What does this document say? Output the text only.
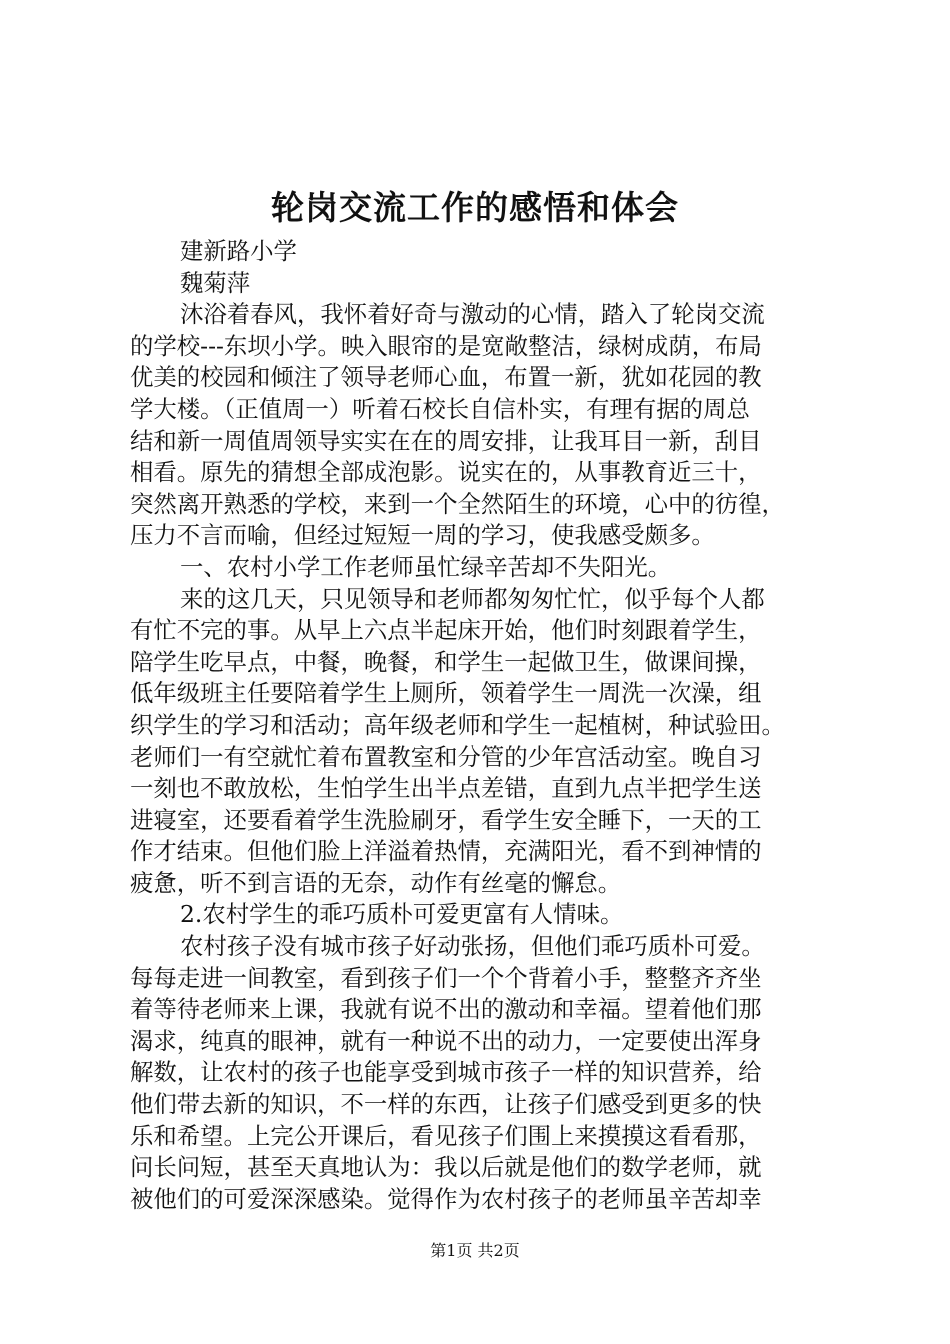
轮岗交流工作的感悟和体会
建新路小学
魏菊萍
沐浴着春风，我怀着好奇与激动的心情，踏入了轮岗交流
的学校---东坝小学。映入眼帘的是宽敞整洁，绿树成荫，布局
优美的校园和倾注了领导老师心血，布置一新，犹如花园的教
学大楼。（正值周一）听着石校长自信朴实，有理有据的周总
结和新一周值周领导实实在在的周安排，让我耳目一新，刮目
相看。原先的猜想全部成泡影。说实在的，从事教育近三十，
突然离开熟悉的学校，来到一个全然陌生的环境，心中的彷徨，
压力不言而喻，但经过短短一周的学习，使我感受颇多。
一、农村小学工作老师虽忙绿辛苦却不失阳光。
来的这几天，只见领导和老师都匆匆忙忙，似乎每个人都
有忙不完的事。从早上六点半起床开始，他们时刻跟着学生，
陪学生吃早点，中餐，晚餐，和学生一起做卫生，做课间操，
低年级班主任要陪着学生上厕所，领着学生一周洗一次澡，组
织学生的学习和活动；高年级老师和学生一起植树，种试验田。
老师们一有空就忙着布置教室和分管的少年宫活动室。晚自习
一刻也不敢放松，生怕学生出半点差错，直到九点半把学生送
进寝室，还要看着学生洗脸刷牙，看学生安全睡下，一天的工
作才结束。但他们脸上洋溢着热情，充满阳光，看不到神情的
疲惫，听不到言语的无奈，动作有丝毫的懈怠。
2.农村学生的乖巧质朴可爱更富有人情味。
农村孩子没有城市孩子好动张扬，但他们乖巧质朴可爱。
每每走进一间教室，看到孩子们一个个背着小手，整整齐齐坐
着等待老师来上课，我就有说不出的激动和幸福。望着他们那
渴求，纯真的眼神，就有一种说不出的动力，一定要使出浑身
解数，让农村的孩子也能享受到城市孩子一样的知识营养，给
他们带去新的知识，不一样的东西，让孩子们感受到更多的快
乐和希望。上完公开课后，看见孩子们围上来摸摸这看看那，
问长问短，甚至天真地认为：我以后就是他们的数学老师，就
被他们的可爱深深感染。觉得作为农村孩子的老师虽辛苦却幸
第1页 共2页
